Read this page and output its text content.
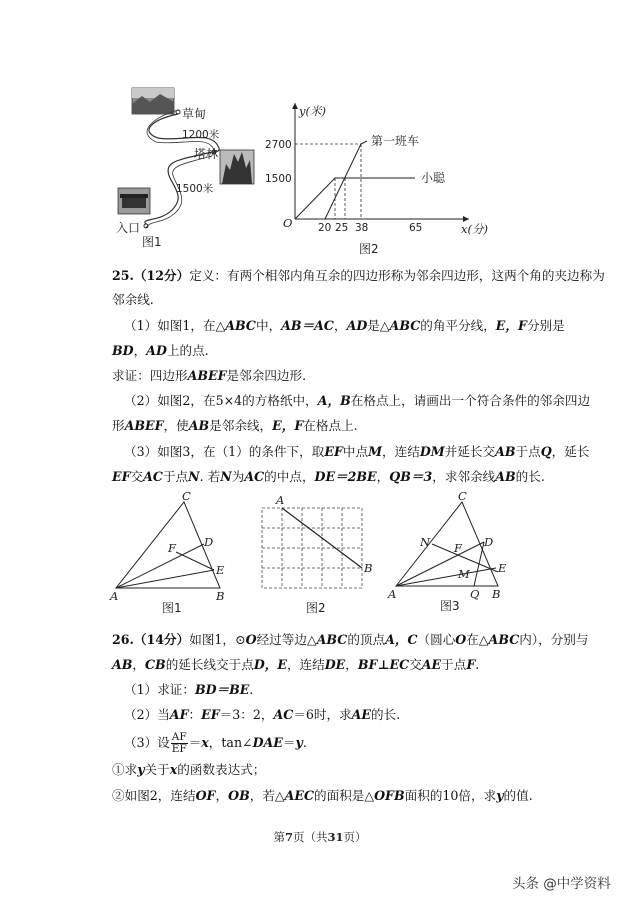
草甸
1200米
塔林
1500米
入口
图1
y(米)
x(分)
O
2700
1500
第一班车
小聪
20 25 38	65
图2
25.（12分）定义：有两个相邻内角互余的四边形称为邻余四边形，这两个角的夹边称为
邻余线.
（1）如图1，在△ABC中，AB＝AC，AD是△ABC的角平分线，E，F分别是
BD，AD上的点.
求证：四边形ABEF是邻余四边形.
（2）如图2，在5×4的方格纸中，A，B在格点上，请画出一个符合条件的邻余四边
形ABEF，使AB是邻余线，E，F在格点上.
（3）如图3，在（1）的条件下，取EF中点M，连结DM并延长交AB于点Q，延长
EF交AC于点N. 若N为AC的中点，DE＝2BE，QB＝3，求邻余线AB的长.
C
D
F
E
A	B
图1
A
B
图2
C
N F D
M E
A	Q B
图3
26.（14分）如图1，⊙O经过等边△ABC的顶点A，C（圆心O在△ABC内），分别与
AB，CB的延长线交于点D，E，连结DE，BF⊥EC交AE于点F.
（1）求证：BD＝BE.
（2）当AF：EF＝3：2，AC＝6时，求AE的长.
（3）设 $\frac{AF}{EF} =x$，tan∠DAE＝y.
①求y关于x的函数表达式；
②如图2，连结OF，OB，若△AEC的面积是△OFB面积的10倍，求y的值.
第7页（共31页）
头条 @中学资料
